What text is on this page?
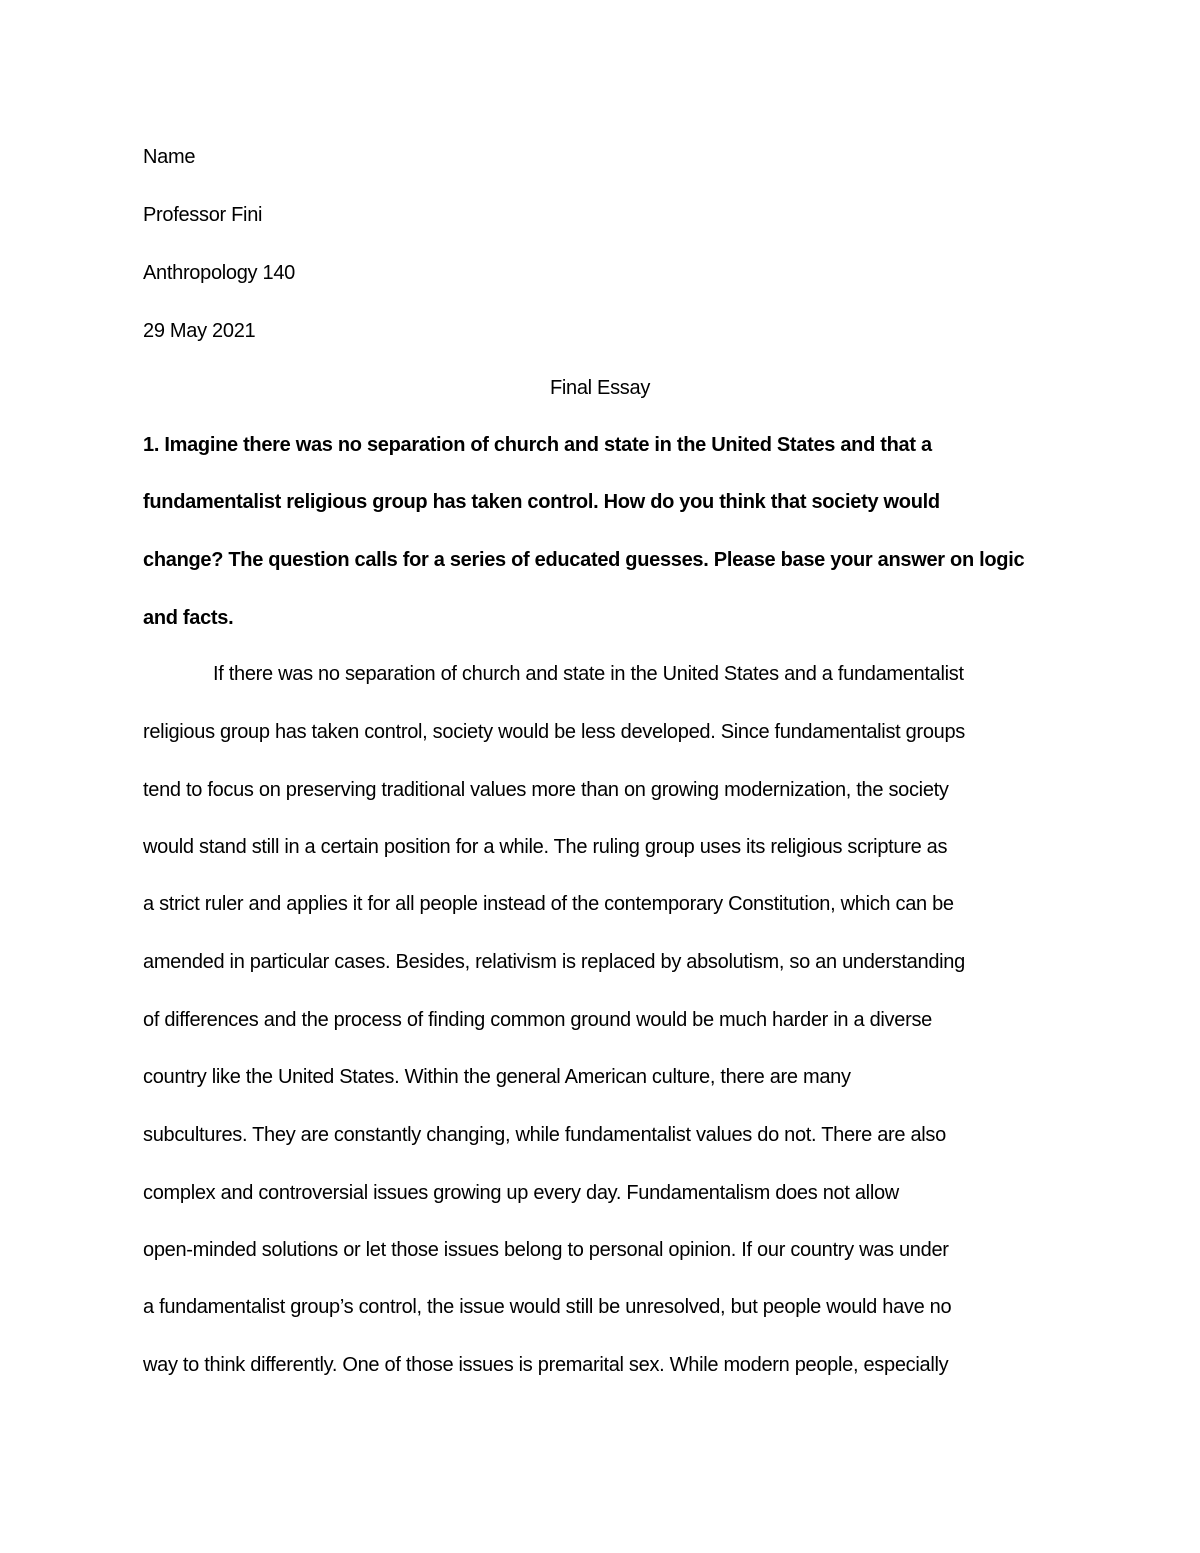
Name
Professor Fini
Anthropology 140
29 May 2021
Final Essay
1. Imagine there was no separation of church and state in the United States and that a
fundamentalist religious group has taken control. How do you think that society would
change? The question calls for a series of educated guesses. Please base your answer on logic
and facts.
If there was no separation of church and state in the United States and a fundamentalist
religious group has taken control, society would be less developed. Since fundamentalist groups
tend to focus on preserving traditional values more than on growing modernization, the society
would stand still in a certain position for a while. The ruling group uses its religious scripture as
a strict ruler and applies it for all people instead of the contemporary Constitution, which can be
amended in particular cases. Besides, relativism is replaced by absolutism, so an understanding
of differences and the process of finding common ground would be much harder in a diverse
country like the United States. Within the general American culture, there are many
subcultures. They are constantly changing, while fundamentalist values do not. There are also
complex and controversial issues growing up every day. Fundamentalism does not allow
open-minded solutions or let those issues belong to personal opinion. If our country was under
a fundamentalist group’s control, the issue would still be unresolved, but people would have no
way to think differently. One of those issues is premarital sex. While modern people, especially
